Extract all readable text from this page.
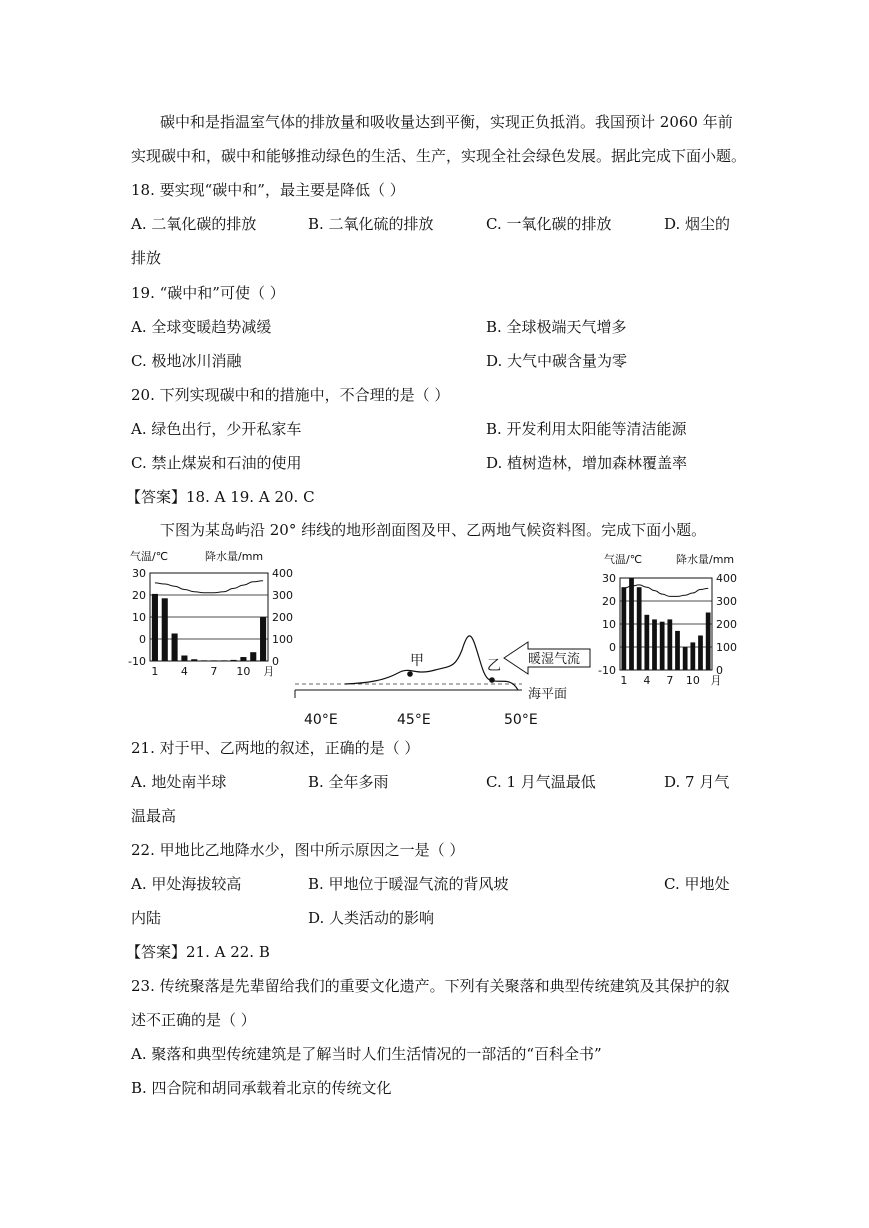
碳中和是指温室气体的排放量和吸收量达到平衡，实现正负抵消。我国预计 2060 年前
实现碳中和，碳中和能够推动绿色的生活、生产，实现全社会绿色发展。据此完成下面小题。
18. 要实现“碳中和”，最主要是降低（ ）
A. 二氧化碳的排放	B. 二氧化硫的排放	C. 一氧化碳的排放	D. 烟尘的
排放
19. “碳中和”可使（ ）
A. 全球变暖趋势减缓	B. 全球极端天气增多
C. 极地冰川消融	D. 大气中碳含量为零
20. 下列实现碳中和的措施中，不合理的是（ ）
A. 绿色出行，少开私家车	B. 开发利用太阳能等清洁能源
C. 禁止煤炭和石油的使用	D. 植树造林，增加森林覆盖率
【答案】18. A 19. A 20. C
下图为某岛屿沿 20° 纬线的地形剖面图及甲、乙两地气候资料图。完成下面小题。
气温/℃	降水量/mm
30
20
10
0
-10
400
300
200
100
0
1 4 7 10 月
甲	乙 暖湿气流
海平面
40°E	45°E	50°E
气温/℃	降水量/mm
30
20
10
0
-10
400
300
200
100
0
1 4 7 10 月
21. 对于甲、乙两地的叙述，正确的是（ ）
A. 地处南半球	B. 全年多雨	C. 1 月气温最低	D. 7 月气
温最高
22. 甲地比乙地降水少，图中所示原因之一是（ ）
A. 甲处海拔较高	B. 甲地位于暖湿气流的背风坡	C. 甲地处
内陆	D. 人类活动的影响
【答案】21. A 22. B
23. 传统聚落是先辈留给我们的重要文化遗产。下列有关聚落和典型传统建筑及其保护的叙
述不正确的是（ ）
A. 聚落和典型传统建筑是了解当时人们生活情况的一部活的“百科全书”
B. 四合院和胡同承载着北京的传统文化
